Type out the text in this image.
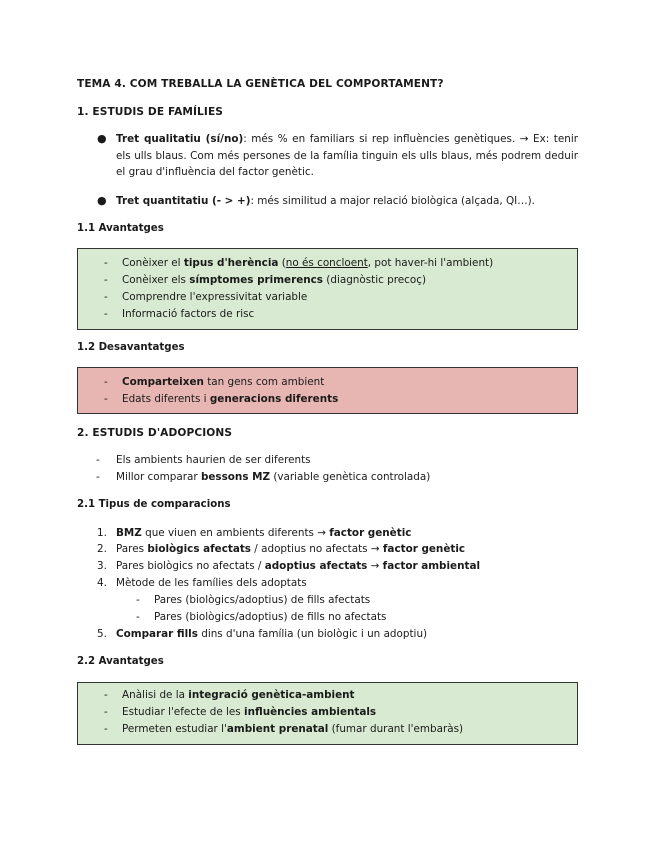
TEMA 4. COM TREBALLA LA GENÈTICA DEL COMPORTAMENT?
1. ESTUDIS DE FAMÍLIES
● Tret qualitatiu (sí/no): més % en familiars si rep influències genètiques. → Ex: tenir els ulls blaus. Com més persones de la família tinguin els ulls blaus, més podrem deduir el grau d'influència del factor genètic.
● Tret quantitatiu (- > +): més similitud a major relació biològica (alçada, QI…).
1.1 Avantatges
- Conèixer el tipus d'herència (no és concloent, pot haver-hi l'ambient)
- Conèixer els símptomes primerencs (diagnòstic precoç)
- Comprendre l'expressivitat variable
- Informació factors de risc
1.2 Desavantatges
- Comparteixen tan gens com ambient
- Edats diferents i generacions diferents
2. ESTUDIS D'ADOPCIONS
- Els ambients haurien de ser diferents
- Millor comparar bessons MZ (variable genètica controlada)
2.1 Tipus de comparacions
1. BMZ que viuen en ambients diferents → factor genètic
2. Pares biològics afectats / adoptius no afectats → factor genètic
3. Pares biològics no afectats / adoptius afectats → factor ambiental
4. Mètode de les famílies dels adoptats
- Pares (biològics/adoptius) de fills afectats
- Pares (biològics/adoptius) de fills no afectats
5. Comparar fills dins d'una família (un biològic i un adoptiu)
2.2 Avantatges
- Anàlisi de la integració genètica-ambient
- Estudiar l'efecte de les influències ambientals
- Permeten estudiar l'ambient prenatal (fumar durant l'embaràs)
